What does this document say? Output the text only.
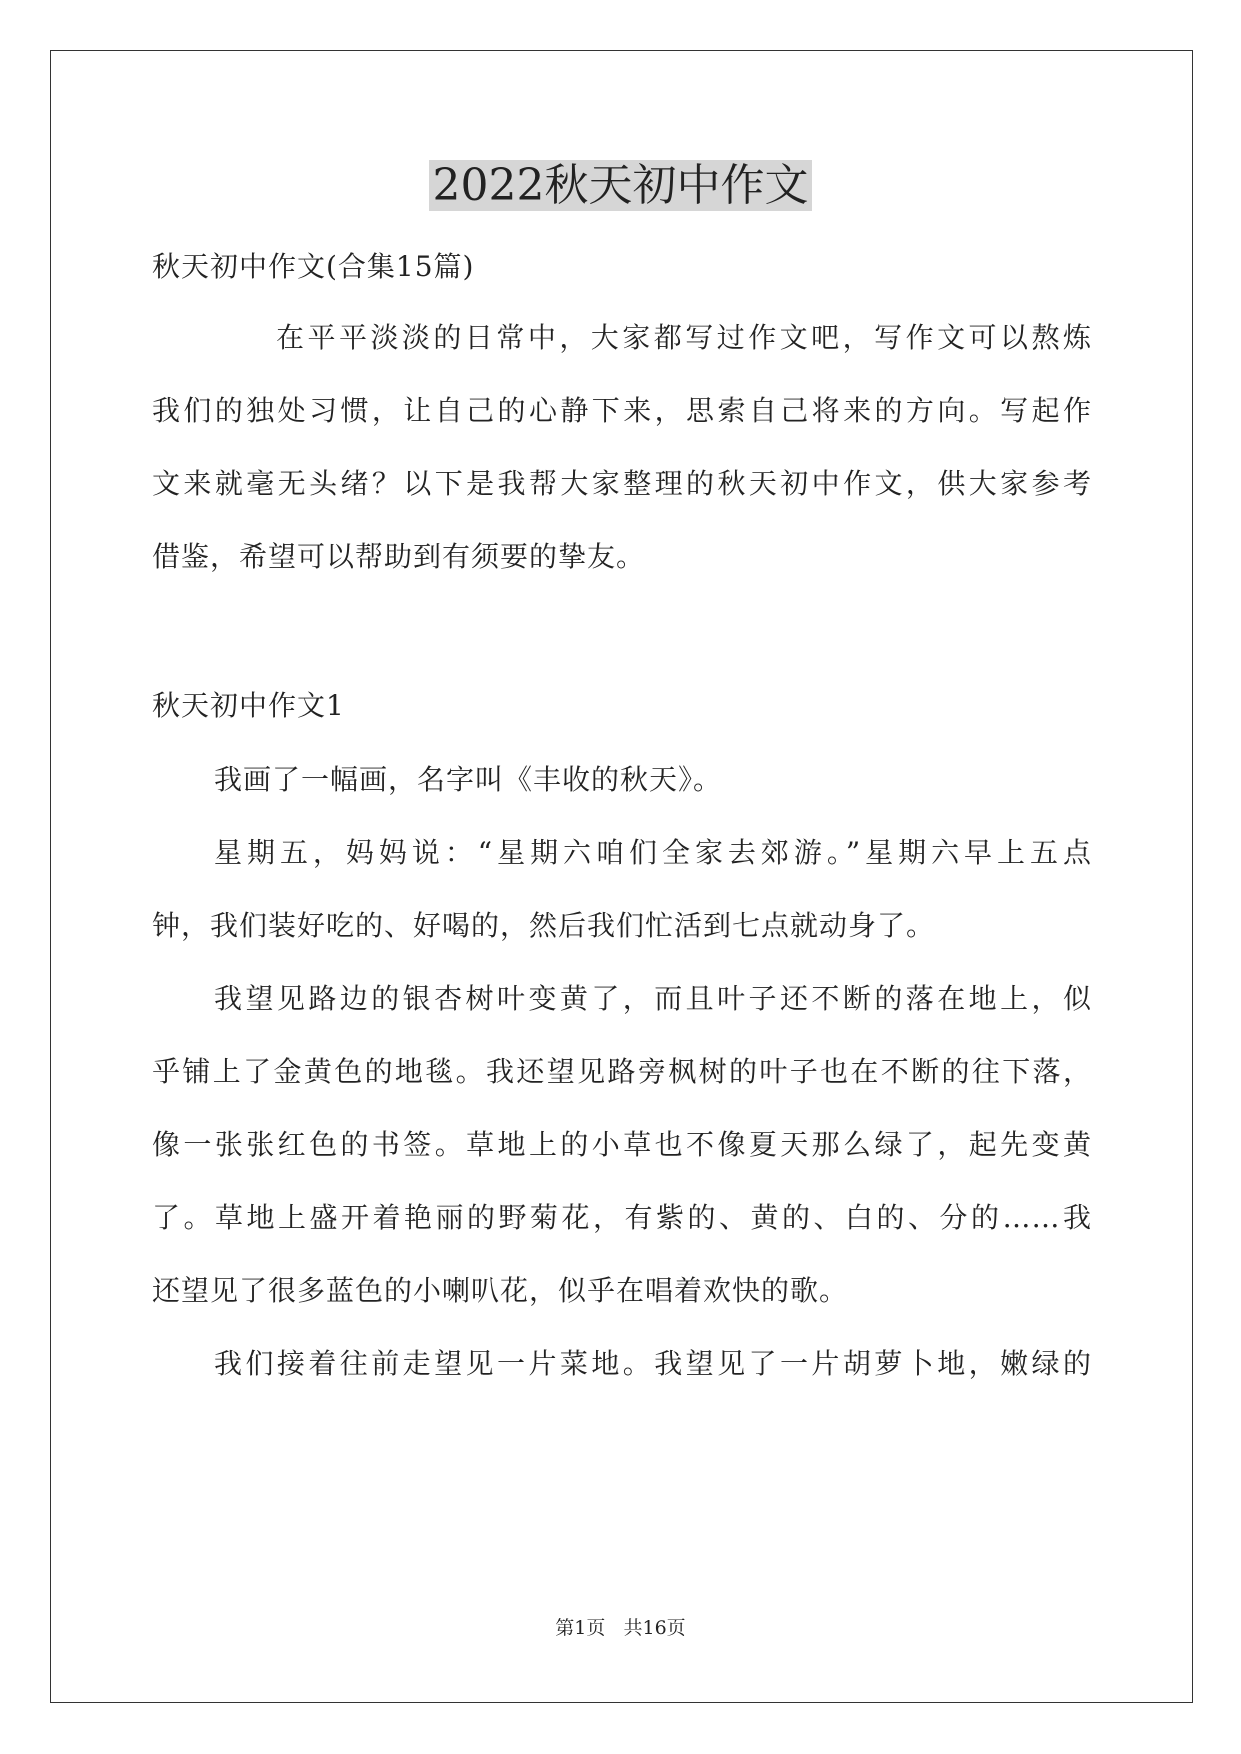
2022秋天初中作文
秋天初中作文(合集15篇)
在平平淡淡的日常中，大家都写过作文吧，写作文可以熬炼
我们的独处习惯，让自己的心静下来，思索自己将来的方向。写起作
文来就毫无头绪？以下是我帮大家整理的秋天初中作文，供大家参考
借鉴，希望可以帮助到有须要的挚友。
秋天初中作文1
我画了一幅画，名字叫《丰收的秋天》。
星期五，妈妈说：“星期六咱们全家去郊游。”星期六早上五点
钟，我们装好吃的、好喝的，然后我们忙活到七点就动身了。
我望见路边的银杏树叶变黄了，而且叶子还不断的落在地上，似
乎铺上了金黄色的地毯。我还望见路旁枫树的叶子也在不断的往下落，
像一张张红色的书签。草地上的小草也不像夏天那么绿了，起先变黄
了。草地上盛开着艳丽的野菊花，有紫的、黄的、白的、分的……我
还望见了很多蓝色的小喇叭花，似乎在唱着欢快的歌。
我们接着往前走望见一片菜地。我望见了一片胡萝卜地，嫩绿的
第1页   共16页
